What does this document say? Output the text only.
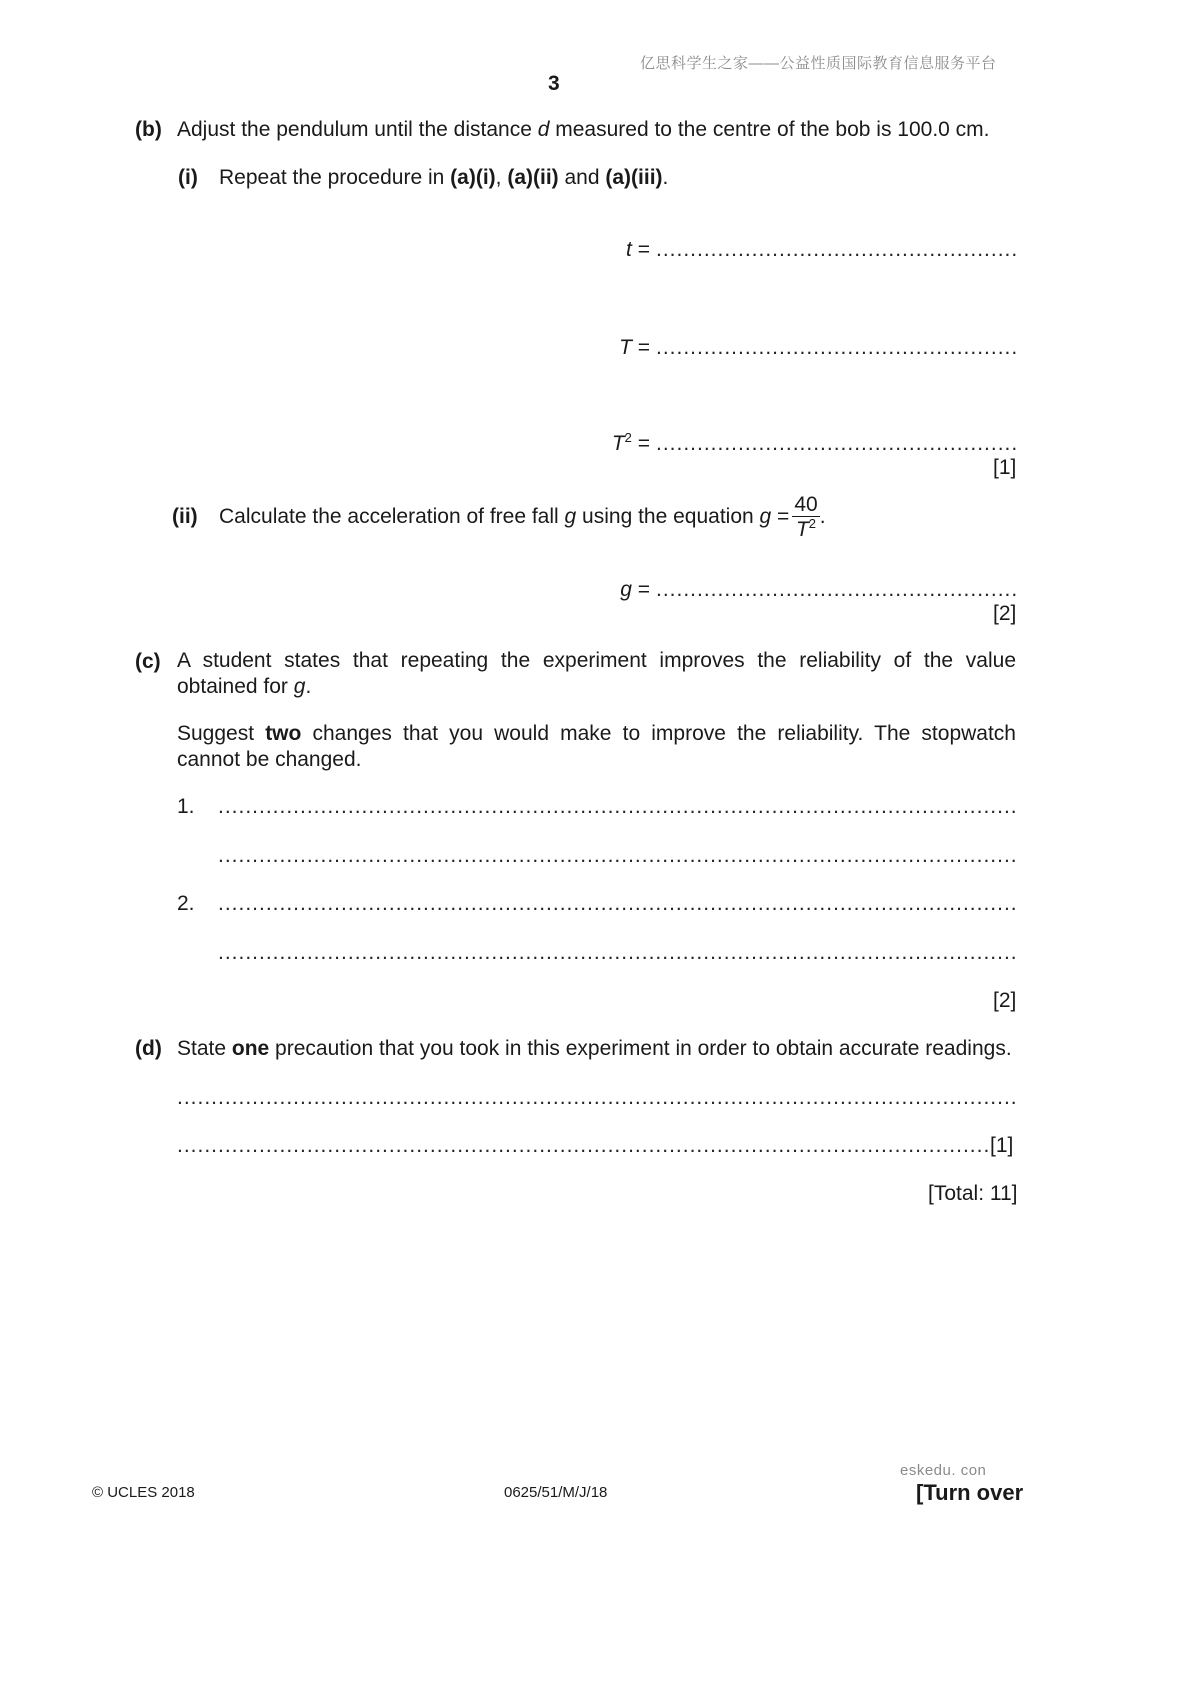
亿思科学生之家——公益性质国际教育信息服务平台
3
(b) Adjust the pendulum until the distance d measured to the centre of the bob is 100.0 cm.
(i) Repeat the procedure in (a)(i), (a)(ii) and (a)(iii).
t =
.....
T =
.....
$T^2$ =
.....
[1]
(ii) Calculate the acceleration of free fall g using the equation $g = \frac{40}{T^2}$ .
g =
.....
[2]
(c) A student states that repeating the experiment improves the reliability of the value obtained for g.
Suggest two changes that you would make to improve the reliability. The stopwatch cannot be changed.
1.
.....
.....
2.
.....
.....
[2]
(d) State one precaution that you took in this experiment in order to obtain accurate readings.
.....
.....
[1]
[Total: 11]
© UCLES 2018	0625/51/M/J/18
eskedu. con
[Turn over
